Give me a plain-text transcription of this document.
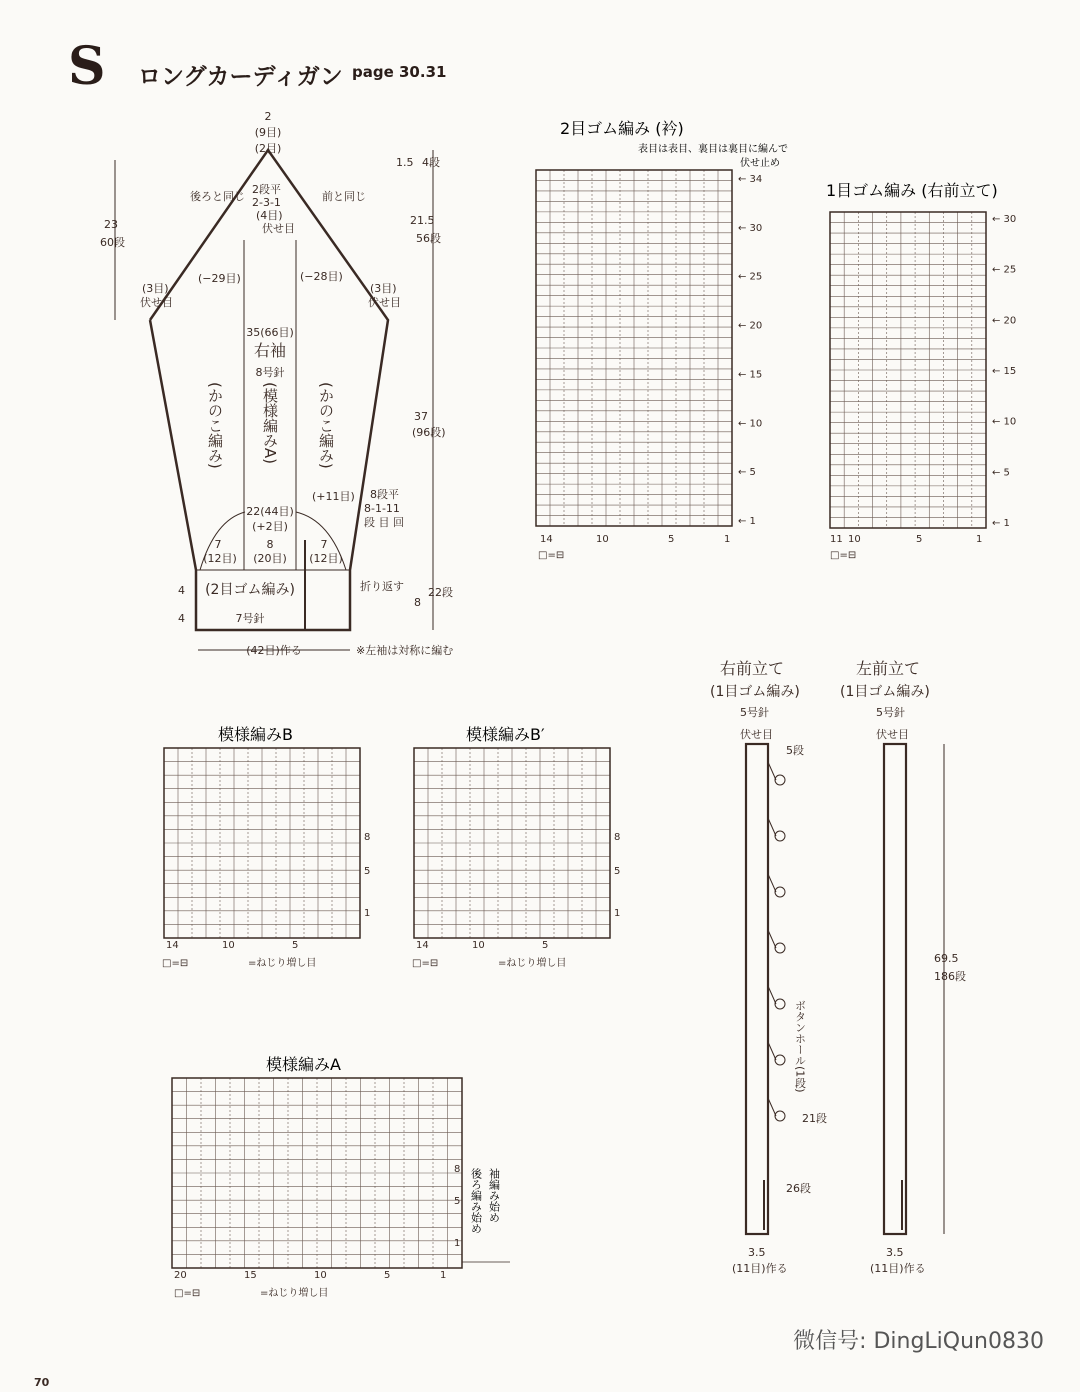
S ロングカーディガン page 30.31
2
(9目)
(2目)
1.5 4段
23
60段
後ろと同じ	前と同じ
2段平
2-3-1
(4目)
伏せ目
(−29目)	(−28目)
(3目)
伏せ目
(3目)
伏せ目
21.5
56段
35(66目)
右袖
8号針
(かのこ編み) (模様編みA)	(かのこ編み)	37
(96段)
(+11目) 8段平
8-1-11
段 目 回
22(44目)
(+2目)
7
(12目)
8
(20目)
7
(12目)
(2目ゴム編み)
7号針
折り返す
4
4
8
22段
(42目)作る	※左袖は対称に編む
2目ゴム編み (衿)
表目は表目、裏目は裏目に編んで
伏せ止め
14	10	5	1
□=⊟
← 34
← 30
← 25
← 20
← 15
← 10
← 5
← 1
1目ゴム編み (右前立て)
11 10	5	1
□=⊟
← 30
← 25
← 20
← 15
← 10
← 5
← 1
模様編みB
14	10	5
8
5
1
□=⊟	=ねじり増し目
模様編みB′
14	10	5
8
5
1
□=⊟	=ねじり増し目
模様編みA
20	15	10	5	1
8
5
1
□=⊟	=ねじり増し目
後ろ編み始め 袖編み始め
右前立て
(1目ゴム編み)
左前立て
(1目ゴム編み)
5号針
伏せ目
5号針
伏せ目
5段
ボタンホール(1段)
21段
26段
3.5
(11目)作る
69.5
186段
3.5
(11目)作る
70
微信号: DingLiQun0830
